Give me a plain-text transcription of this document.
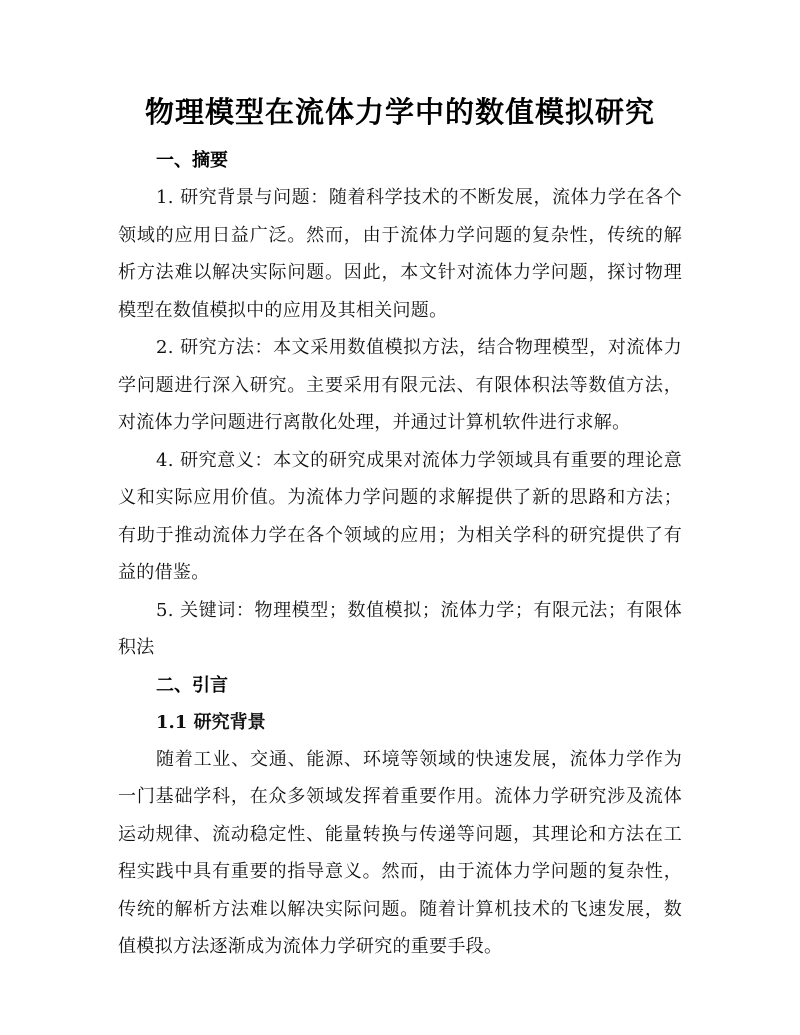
物理模型在流体力学中的数值模拟研究
一、摘要

1. 研究背景与问题：随着科学技术的不断发展，流体力学在各个领域的应用日益广泛。然而，由于流体力学问题的复杂性，传统的解析方法难以解决实际问题。因此，本文针对流体力学问题，探讨物理模型在数值模拟中的应用及其相关问题。

2. 研究方法：本文采用数值模拟方法，结合物理模型，对流体力学问题进行深入研究。主要采用有限元法、有限体积法等数值方法，对流体力学问题进行离散化处理，并通过计算机软件进行求解。

4. 研究意义：本文的研究成果对流体力学领域具有重要的理论意义和实际应用价值。为流体力学问题的求解提供了新的思路和方法；有助于推动流体力学在各个领域的应用；为相关学科的研究提供了有益的借鉴。

5. 关键词：物理模型；数值模拟；流体力学；有限元法；有限体积法

二、引言
1.1 研究背景

随着工业、交通、能源、环境等领域的快速发展，流体力学作为一门基础学科，在众多领域发挥着重要作用。流体力学研究涉及流体运动规律、流动稳定性、能量转换与传递等问题，其理论和方法在工程实践中具有重要的指导意义。然而，由于流体力学问题的复杂性，传统的解析方法难以解决实际问题。随着计算机技术的飞速发展，数值模拟方法逐渐成为流体力学研究的重要手段。
